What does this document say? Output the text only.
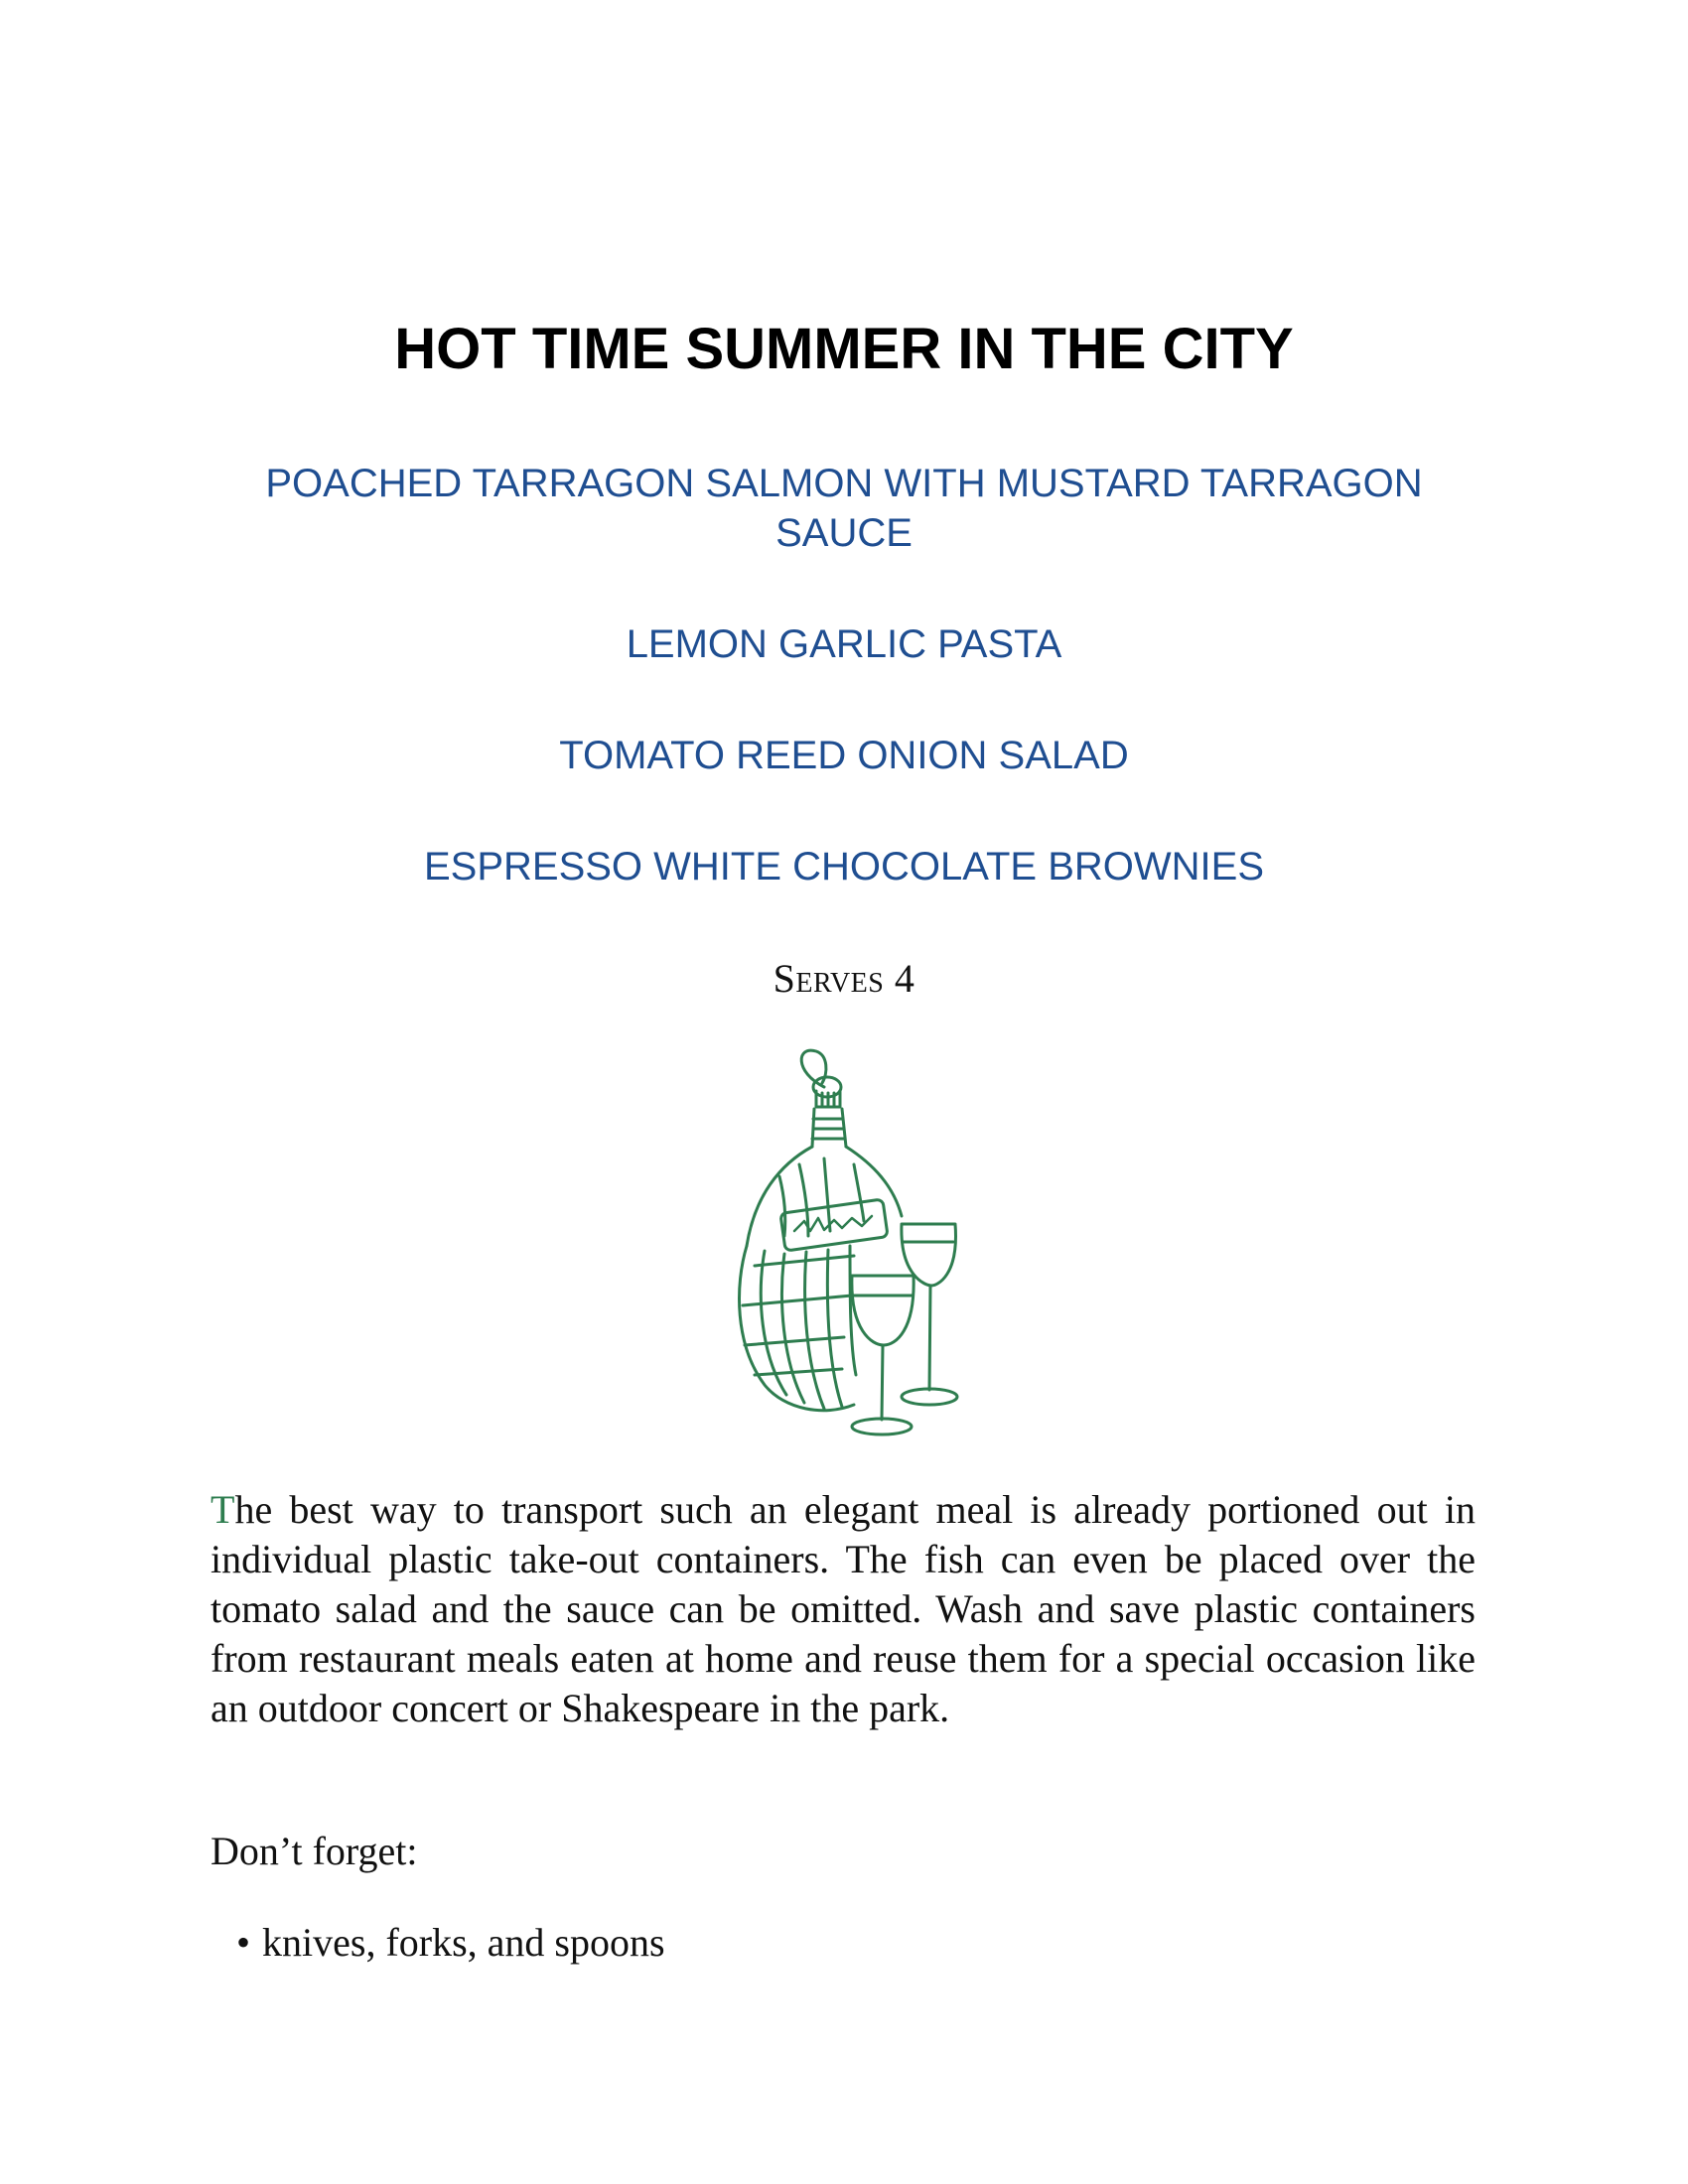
HOT TIME SUMMER IN THE CITY
POACHED TARRAGON SALMON WITH MUSTARD TARRAGON SAUCE
LEMON GARLIC PASTA
TOMATO REED ONION SALAD
ESPRESSO WHITE CHOCOLATE BROWNIES
Serves 4

The best way to transport such an elegant meal is already portioned out in individual plastic take-out containers. The fish can even be placed over the tomato salad and the sauce can be omitted. Wash and save plastic containers from restaurant meals eaten at home and reuse them for a special occasion like an outdoor concert or Shakespeare in the park.

Don’t forget:

• knives, forks, and spoons
